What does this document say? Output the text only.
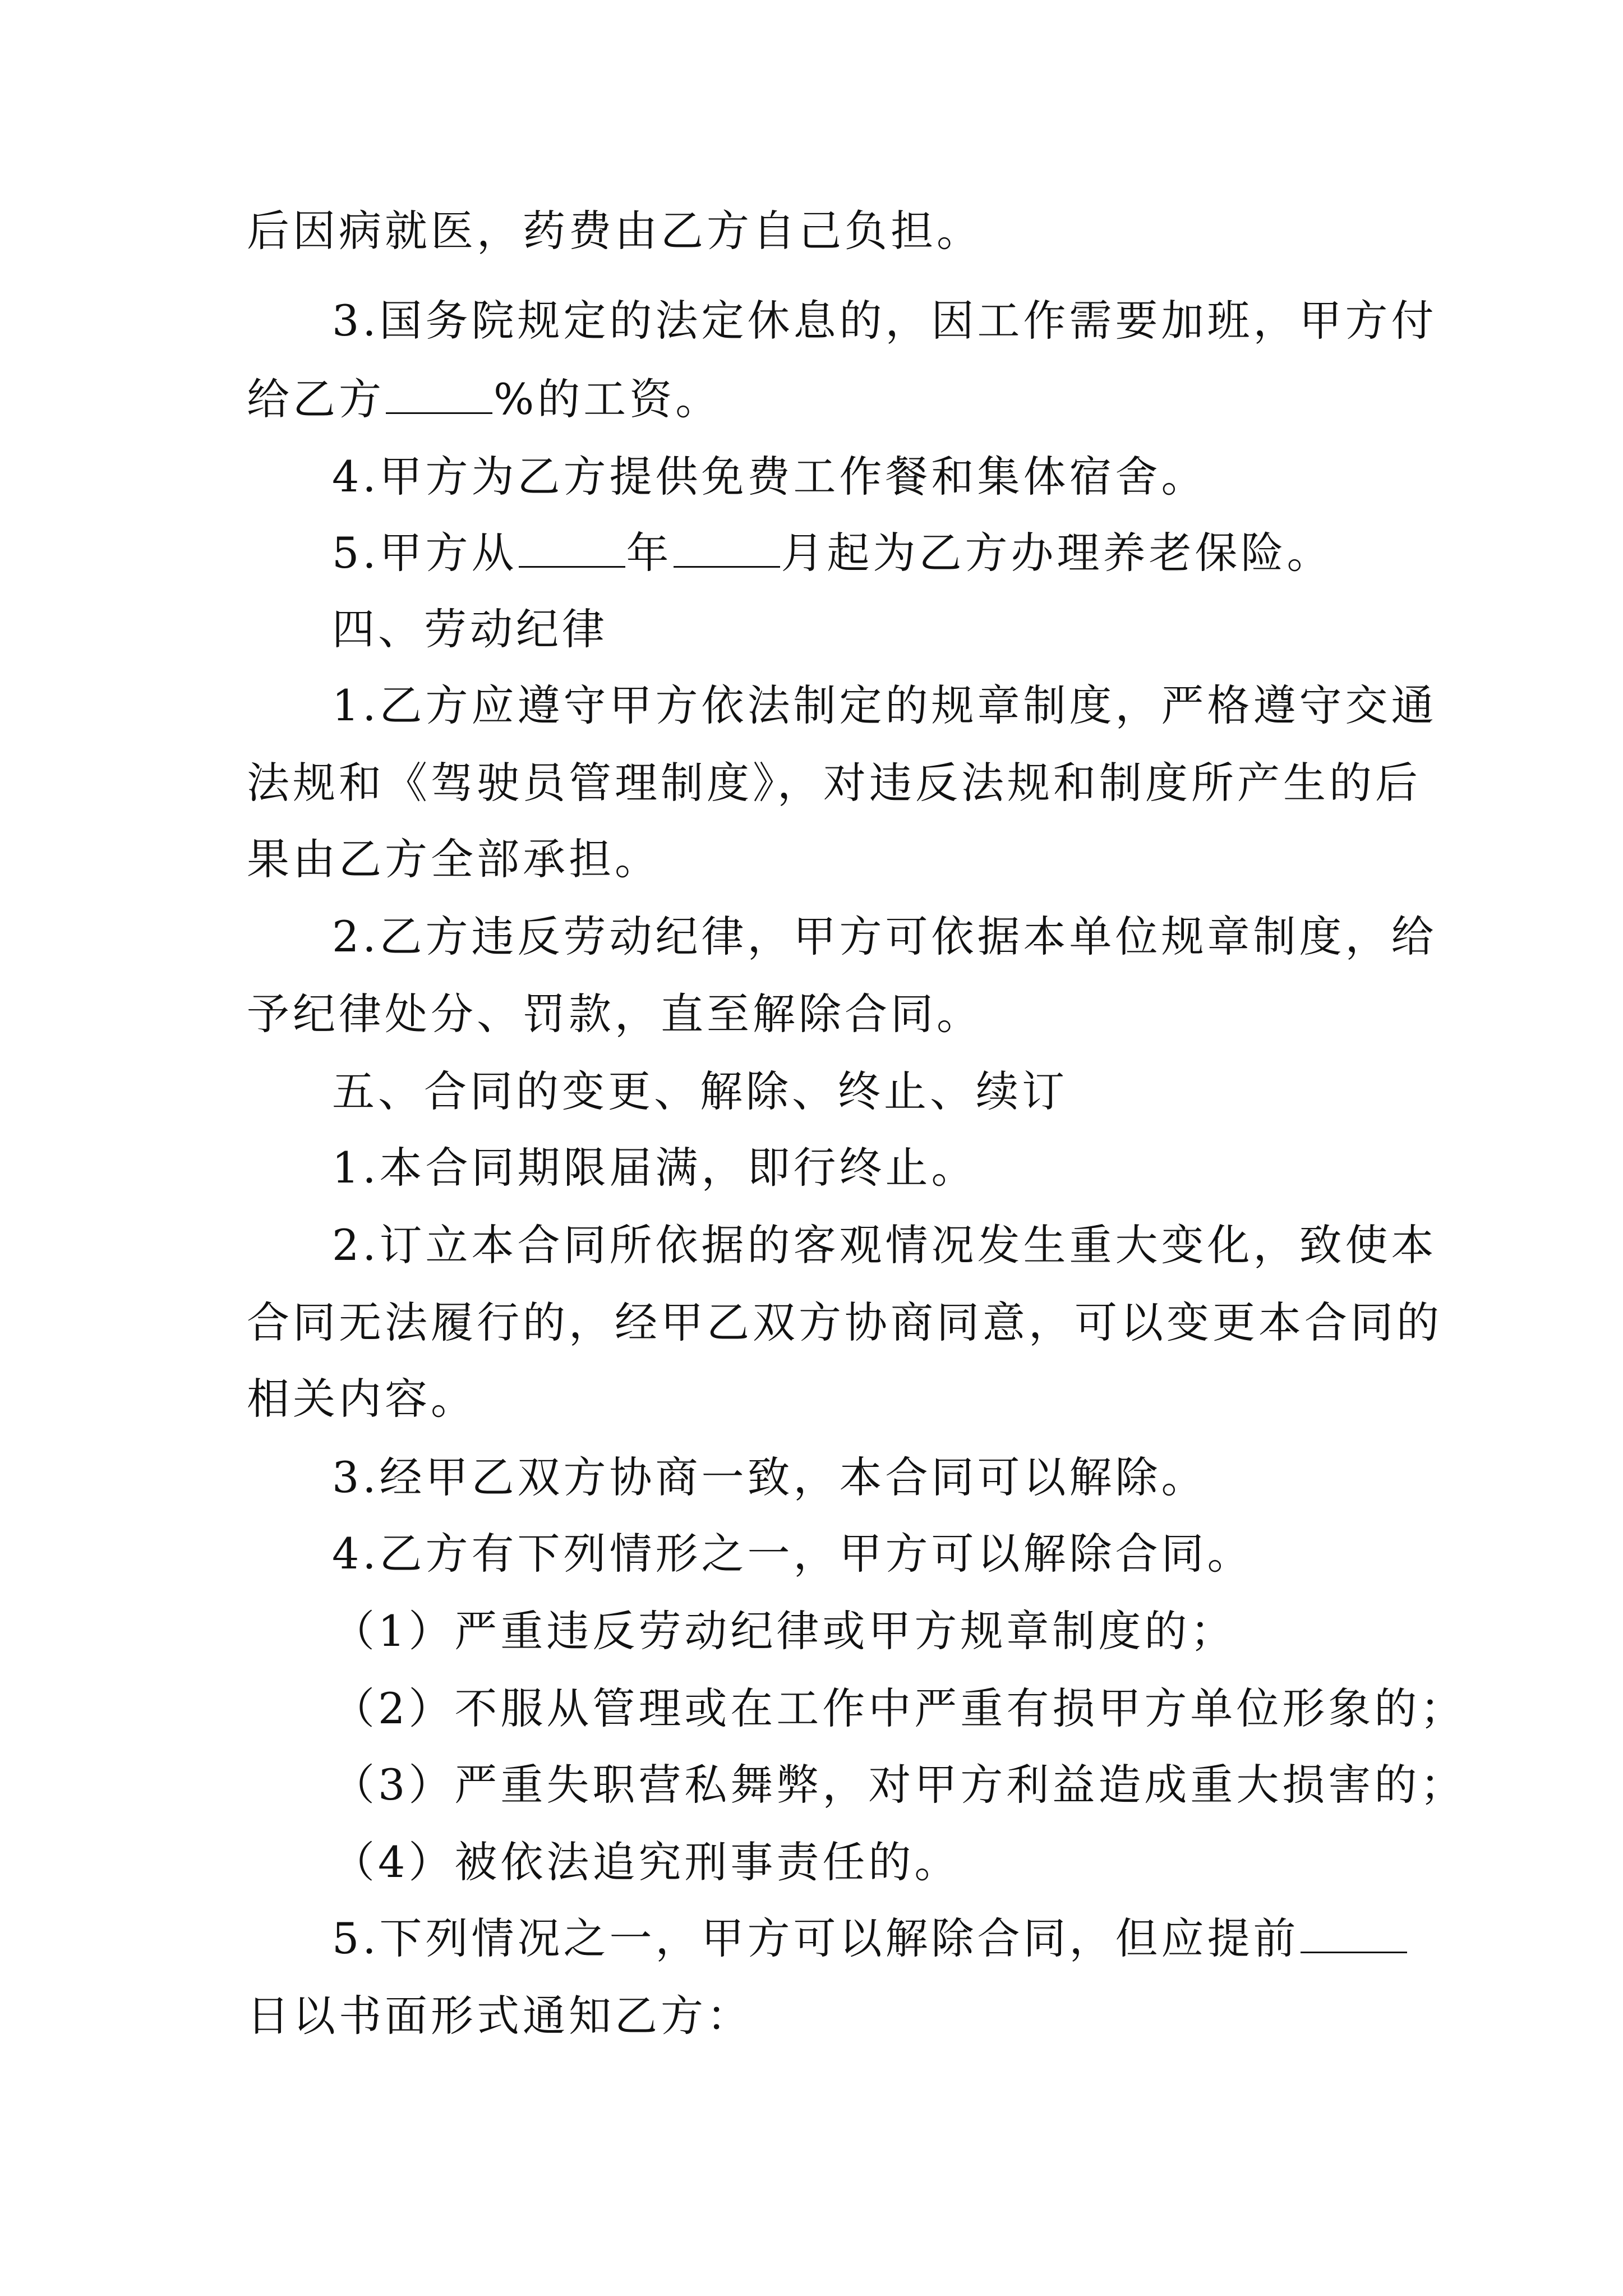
后因病就医，药费由乙方自己负担。

3.国务院规定的法定休息的，因工作需要加班，甲方付

给乙方	%的工资。

4.甲方为乙方提供免费工作餐和集体宿舍。

5.甲方从	年	月起为乙方办理养老保险。

四、劳动纪律

1.乙方应遵守甲方依法制定的规章制度，严格遵守交通

法规和《驾驶员管理制度》，对违反法规和制度所产生的后

果由乙方全部承担。

2.乙方违反劳动纪律，甲方可依据本单位规章制度，给

予纪律处分、罚款，直至解除合同。

五、合同的变更、解除、终止、续订

1.本合同期限届满，即行终止。

2.订立本合同所依据的客观情况发生重大变化，致使本

合同无法履行的，经甲乙双方协商同意，可以变更本合同的

相关内容。

3.经甲乙双方协商一致，本合同可以解除。

4.乙方有下列情形之一，甲方可以解除合同。

（1）严重违反劳动纪律或甲方规章制度的；

（2）不服从管理或在工作中严重有损甲方单位形象的；

（3）严重失职营私舞弊，对甲方利益造成重大损害的；

（4）被依法追究刑事责任的。

5.下列情况之一，甲方可以解除合同，但应提前

日以书面形式通知乙方：
